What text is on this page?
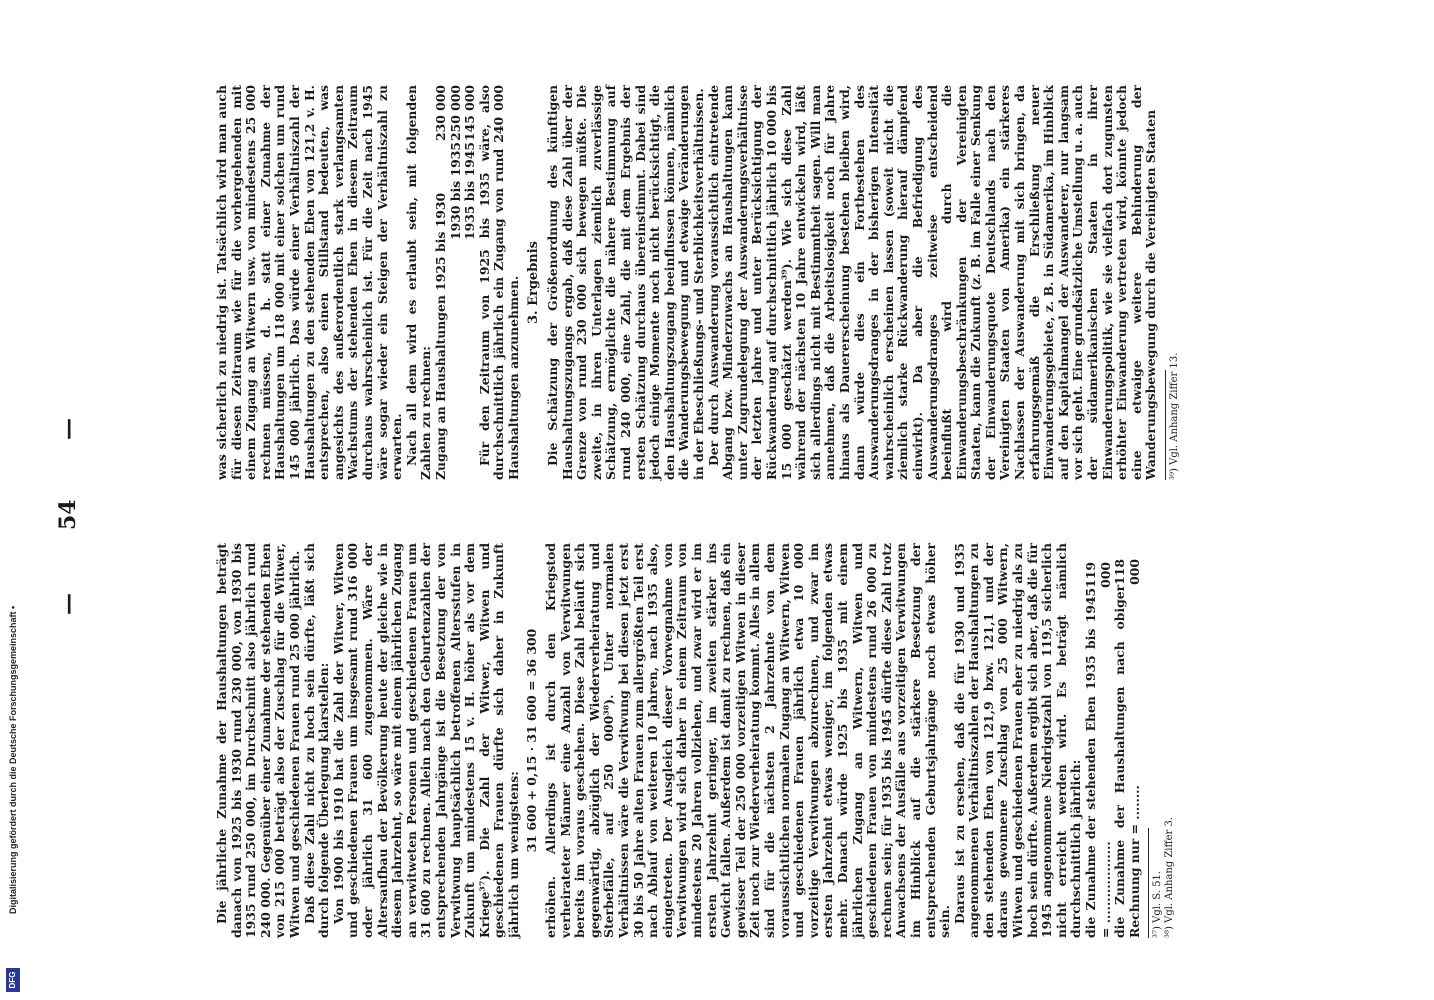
—
54
—

Die jährliche Zunahme der Haushaltungen beträgt danach von 1925 bis 1930 rund 230 000, von 1930 bis 1935 rund 250 000, im Durchschnitt also jährlich rund 240 000. Gegenüber einer Zunahme der stehenden Ehen von 215 000 beträgt also der Zuschlag für die Witwer, Witwen und geschiedenen Frauen rund 25 000 jährlich. Daß diese Zahl nicht zu hoch sein dürfte, läßt sich durch folgende Überlegung klarstellen: Von 1900 bis 1910 hat die Zahl der Witwer, Witwen und geschiedenen Frauen um insgesamt rund 316 000 oder jährlich 31 600 zugenommen. Wäre der Altersaufbau der Bevölkerung heute der gleiche wie in diesem Jahrzehnt, so wäre mit einem jährlichen Zugang an verwitweten Personen und geschiedenen Frauen um 31 600 zu rechnen. Allein nach den Geburtenzahlen der entsprechenden Jahrgänge ist die Besetzung der von Verwitwung hauptsächlich betroffenen Altersstufen in Zukunft um mindestens 15 v. H. höher als vor dem Kriege³⁷). Die Zahl der Witwer, Witwen und geschiedenen Frauen dürfte sich daher in Zukunft jährlich um wenigstens:

31 600 + 0,15 · 31 600 = 36 300 erhöhen. Allerdings ist durch den Kriegstod verheirateter Männer eine Anzahl von Verwitwungen bereits im voraus geschehen. Diese Zahl beläuft sich gegenwärtig, abzüglich der Wiederverheiratung und Sterbefälle, auf 250 000³⁸). Unter normalen Verhältnissen wäre die Verwitwung bei diesen jetzt erst 30 bis 50 Jahre alten Frauen zum allergrößten Teil erst nach Ablauf von weiteren 10 Jahren, nach 1935 also, eingetreten. Der Ausgleich dieser Vorwegnahme von Verwitwungen wird sich daher in einem Zeitraum von mindestens 20 Jahren vollziehen, und zwar wird er im ersten Jahrzehnt geringer, im zweiten stärker ins Gewicht fallen. Außerdem ist damit zu rechnen, daß ein gewisser Teil der 250 000 vorzeitigen Witwen in dieser Zeit noch zur Wiederverheiratung kommt. Alles in allem sind für die nächsten 2 Jahrzehnte von dem voraussichtlichen normalen Zugang an Witwern, Witwen und geschiedenen Frauen jährlich etwa 10 000 vorzeitige Verwitwungen abzurechnen, und zwar im ersten Jahrzehnt etwas weniger, im folgenden etwas mehr. Danach würde 1925 bis 1935 mit einem jährlichen Zugang an Witwern, Witwen und geschiedenen Frauen von mindestens rund 26 000 zu rechnen sein; für 1935 bis 1945 dürfte diese Zahl trotz Anwachsens der Ausfälle aus vorzeitigen Verwitwungen im Hinblick auf die stärkere Besetzung der entsprechenden Geburtsjahrgänge noch etwas höher sein. Daraus ist zu ersehen, daß die für 1930 und 1935 angenommenen Verhältniszahlen der Haushaltungen zu den stehenden Ehen von 121,9 bzw. 121,1 und der daraus gewonnene Zuschlag von 25 000 Witwern, Witwen und geschiedenen Frauen eher zu niedrig als zu hoch sein dürfte. Außerdem ergibt sich aber, daß die für 1945 angenommene Niedrigstzahl von 119,5 sicherlich nicht erreicht werden wird. Es beträgt nämlich durchschnittlich jährlich: die Zunahme der stehenden Ehen 1935 bis 1945 = ...................
119 000
die Zunahme der Haushaltungen nach obiger Rechnung nur = ........
118 000
³⁷) Vgl. S. 51. ³⁸) Vgl. Anhang Ziffer 3.

was sicherlich zu niedrig ist. Tatsächlich wird man auch für diesen Zeitraum wie für die vorhergehenden mit einem Zugang an Witwern usw. von mindestens 25 000 rechnen müssen, d. h. statt einer Zunahme der Haushaltungen um 118 000 mit einer solchen um rund 145 000 jährlich. Das würde einer Verhältniszahl der Haushaltungen zu den stehenden Ehen von 121,2 v. H. entsprechen, also einen Stillstand bedeuten, was angesichts des außerordentlich stark verlangsamten Wachstums der stehenden Ehen in diesem Zeitraum durchaus wahrscheinlich ist. Für die Zeit nach 1945 wäre sogar wieder ein Steigen der Verhältniszahl zu erwarten. Nach all dem wird es erlaubt sein, mit folgenden Zahlen zu rechnen: Zugang an Haushaltungen 1925 bis 1930
230 000
1930 bis 1935
250 000
1935 bis 1945
145 000 Für den Zeitraum von 1925 bis 1935 wäre, also durchschnittlich jährlich ein Zugang von rund 240 000 Haushaltungen anzunehmen. 3. Ergebnis Die Schätzung der Größenordnung des künftigen Haushaltungszugangs ergab, daß diese Zahl über der Grenze von rund 230 000 sich bewegen müßte. Die zweite, in ihren Unterlagen ziemlich zuverlässige Schätzung, ermöglichte die nähere Bestimmung auf rund 240 000, eine Zahl, die mit dem Ergebnis der ersten Schätzung durchaus übereinstimmt. Dabei sind jedoch einige Momente noch nicht berücksichtigt, die den Haushaltungszugang beeinflussen können, nämlich die Wanderungsbewegung und etwaige Veränderungen in der Eheschließungs- und Sterblichkeitsverhältnissen. Der durch Auswanderung voraussichtlich eintretende Abgang bzw. Minderzuwachs an Haushaltungen kann unter Zugrundelegung der Auswanderungsverhältnisse der letzten Jahre und unter Berücksichtigung der Rückwanderung auf durchschnittlich jährlich 10 000 bis 15 000 geschätzt werden³⁹). Wie sich diese Zahl während der nächsten 10 Jahre entwickeln wird, läßt sich allerdings nicht mit Bestimmtheit sagen. Will man annehmen, daß die Arbeitslosigkeit noch für Jahre hinaus als Dauererscheinung bestehen bleiben wird, dann würde dies ein Fortbestehen des Auswanderungsdranges in der bisherigen Intensität wahrscheinlich erscheinen lassen (soweit nicht die ziemlich starke Rückwanderung hierauf dämpfend einwirkt). Da aber die Befriedigung des Auswanderungsdranges zeitweise entscheidend beeinflußt wird durch die Einwanderungsbeschränkungen der Vereinigten Staaten, kann die Zukunft (z. B. im Falle einer Senkung der Einwanderungsquote Deutschlands nach den Vereinigten Staaten von Amerika) ein stärkeres Nachlassen der Auswanderung mit sich bringen, da erfahrungsgemäß die Erschließung neuer Einwanderungsgebiete, z. B. in Südamerika, im Hinblick auf den Kapitalmangel der Auswanderer, nur langsam vor sich geht. Eine grundsätzliche Umstellung u. a. auch der südamerikanischen Staaten in ihrer Einwanderungspolitik, wie sie vielfach dort zugunsten erhöhter Einwanderung vertreten wird, könnte jedoch eine etwaige weitere Behinderung der Wanderungsbewegung durch die Vereinigten Staaten ³⁹) Vgl. Anhang Ziffer 13.
DFG
Digitalisierung gefördert durch die Deutsche Forschungsgemeinschaft •
